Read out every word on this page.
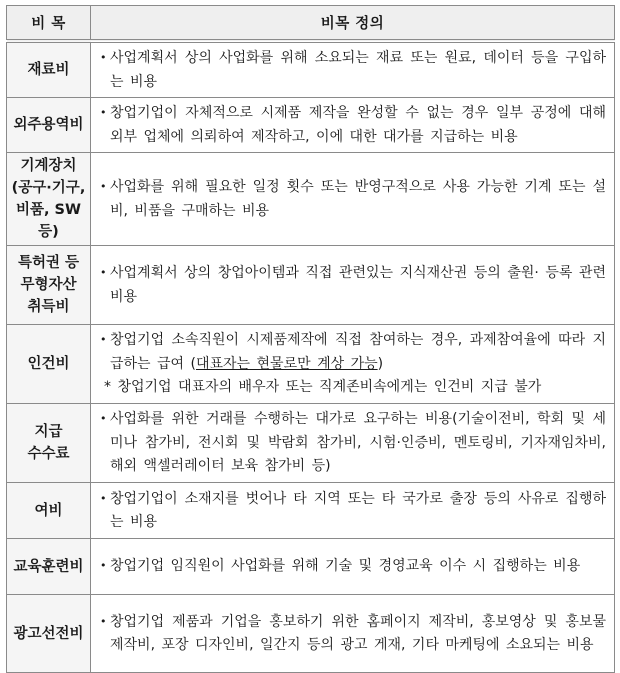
비 목	비목 정의

재료비	• 사업계획서 상의 사업화를 위해 소요되는 재료 또는 원료, 데이터 등을 구입하는 비용

외주용역비	• 창업기업이 자체적으로 시제품 제작을 완성할 수 없는 경우 일부 공정에 대해 외부 업체에 의뢰하여 제작하고, 이에 대한 대가를 지급하는 비용

기계장치
(공구·기구,
비품, SW 등)	• 사업화를 위해 필요한 일정 횟수 또는 반영구적으로 사용 가능한 기계 또는 설비, 비품을 구매하는 비용

특허권 등
무형자산
취득비	• 사업계획서 상의 창업아이템과 직접 관련있는 지식재산권 등의 출원· 등록 관련 비용

인건비	• 창업기업 소속직원이 시제품제작에 직접 참여하는 경우, 과제참여율에 따라 지급하는 급여 (대표자는 현물로만 계상 가능)
* 창업기업 대표자의 배우자 또는 직계존비속에게는 인건비 지급 불가

지급
수수료	• 사업화를 위한 거래를 수행하는 대가로 요구하는 비용(기술이전비, 학회 및 세미나 참가비, 전시회 및 박람회 참가비, 시험·인증비, 멘토링비, 기자재임차비, 해외 액셀러레이터 보육 참가비 등)

여비	• 창업기업이 소재지를 벗어나 타 지역 또는 타 국가로 출장 등의 사유로 집행하는 비용

교육훈련비	• 창업기업 임직원이 사업화를 위해 기술 및 경영교육 이수 시 집행하는 비용

광고선전비	• 창업기업 제품과 기업을 홍보하기 위한 홈페이지 제작비, 홍보영상 및 홍보물 제작비, 포장 디자인비, 일간지 등의 광고 게재, 기타 마케팅에 소요되는 비용
